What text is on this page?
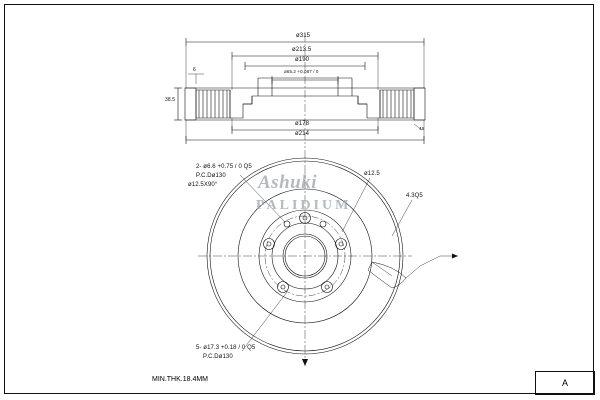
ø315
ø213.5
ø190
ø65.2 +0.087 / 0
ø178
ø214
38.5
6
46
2- ø6.6 +0.75 / 0 Q5
P.C.Dø130
ø12.5X90°
ø12.5
4.3Q5
5- ø17.3 +0.18 / 0 Q5
P.C.Dø130
Ashuki
PALIDIUM
MIN.THK.18.4MM	A
